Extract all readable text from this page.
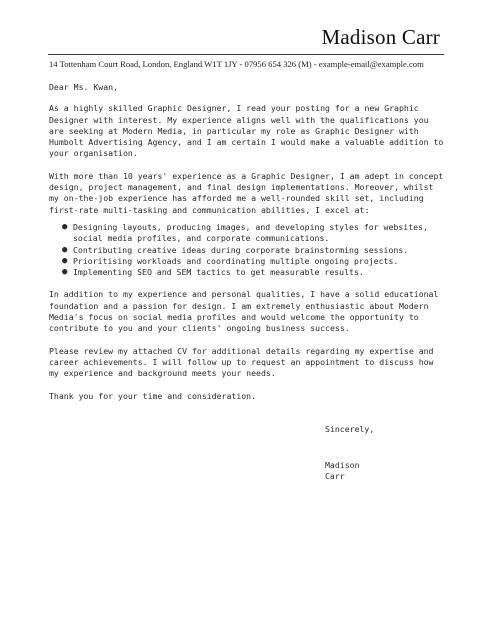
Madison Carr
14 Tottenham Court Road, London, England W1T 1JY - 07956 654 326 (M) - example-email@example.com

Dear Ms. Kwan,

As a highly skilled Graphic Designer, I read your posting for a new Graphic Designer with interest. My experience aligns well with the qualifications you are seeking at Modern Media, in particular my role as Graphic Designer with Humbolt Advertising Agency, and I am certain I would make a valuable addition to your organisation.

With more than 10 years' experience as a Graphic Designer, I am adept in concept design, project management, and final design implementations. Moreover, whilst my on-the-job experience has afforded me a well-rounded skill set, including first-rate multi-tasking and communication abilities, I excel at:

● Designing layouts, producing images, and developing styles for websites, social media profiles, and corporate communications.
● Contributing creative ideas during corporate brainstorming sessions.
● Prioritising workloads and coordinating multiple ongoing projects.
● Implementing SEO and SEM tactics to get measurable results.

In addition to my experience and personal qualities, I have a solid educational foundation and a passion for design. I am extremely enthusiastic about Modern Media's focus on social media profiles and would welcome the opportunity to contribute to you and your clients' ongoing business success.

Please review my attached CV for additional details regarding my expertise and career achievements. I will follow up to request an appointment to discuss how my experience and background meets your needs.

Thank you for your time and consideration.

Sincerely,
Madison
Carr
